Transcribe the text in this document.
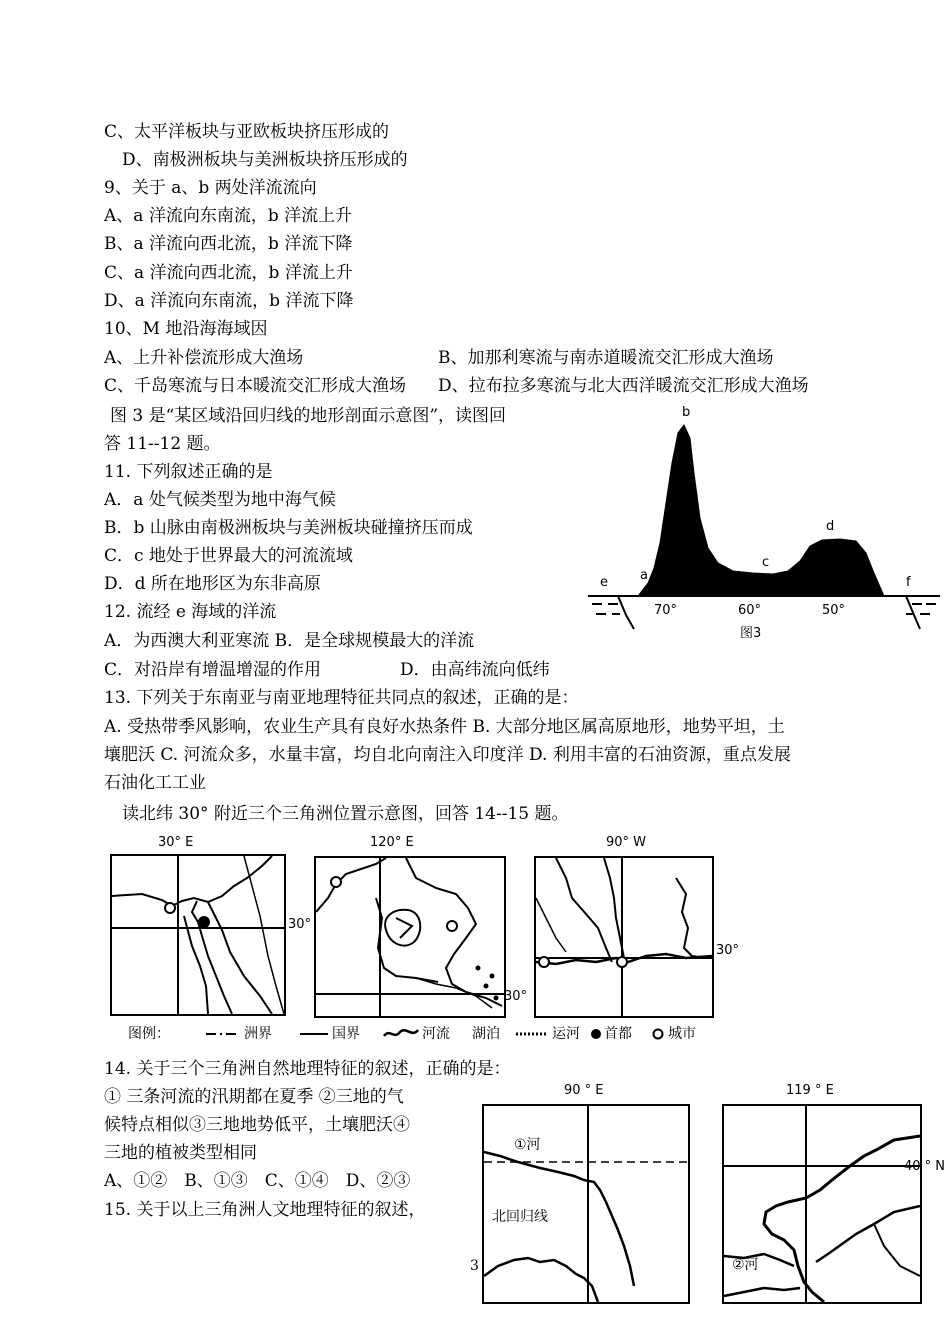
C、太平洋板块与亚欧板块挤压形成的
D、南极洲板块与美洲板块挤压形成的
9、关于 a、b 两处洋流流向
A、a 洋流向东南流，b 洋流上升
B、a 洋流向西北流，b 洋流下降
C、a 洋流向西北流，b 洋流上升
D、a 洋流向东南流，b 洋流下降
10、M 地沿海海域因
A、上升补偿流形成大渔场	B、加那利寒流与南赤道暖流交汇形成大渔场
C、千岛寒流与日本暖流交汇形成大渔场 D、拉布拉多寒流与北大西洋暖流交汇形成大渔场
图 3 是“某区域沿回归线的地形剖面示意图”，读图回
答 11--12 题。
11. 下列叙述正确的是
A．a 处气候类型为地中海气候
B．b 山脉由南极洲板块与美洲板块碰撞挤压而成
C．c 地处于世界最大的河流流域
D．d 所在地形区为东非高原
12. 流经 e 海域的洋流
A．为西澳大利亚寒流 B．是全球规模最大的洋流
C．对沿岸有增温增湿的作用	D．由高纬流向低纬
13. 下列关于东南亚与南亚地理特征共同点的叙述，正确的是：
A. 受热带季风影响，农业生产具有良好水热条件 B. 大部分地区属高原地形，地势平坦，土
壤肥沃 C. 河流众多，水量丰富，均自北向南注入印度洋 D. 利用丰富的石油资源，重点发展
石油化工工业
读北纬 30° 附近三个三角洲位置示意图，回答 14--15 题。
14. 关于三个三角洲自然地理特征的叙述，正确的是：
① 三条河流的汛期都在夏季 ②三地的气
候特点相似③三地地势低平，土壤肥沃④
三地的植被类型相同
A、①②　B、①③　C、①④　D、②③
15. 关于以上三角洲人文地理特征的叙述，
3
b
d
c
a
e	f
70°	60°	50°
图3
30° E	120° E	90° W
30°
30°
30°
图例：	洲界	国界	河流 湖泊	运河 首都	城市
90 ° E
①河
北回归线
119 ° E
②河
40 ° N
